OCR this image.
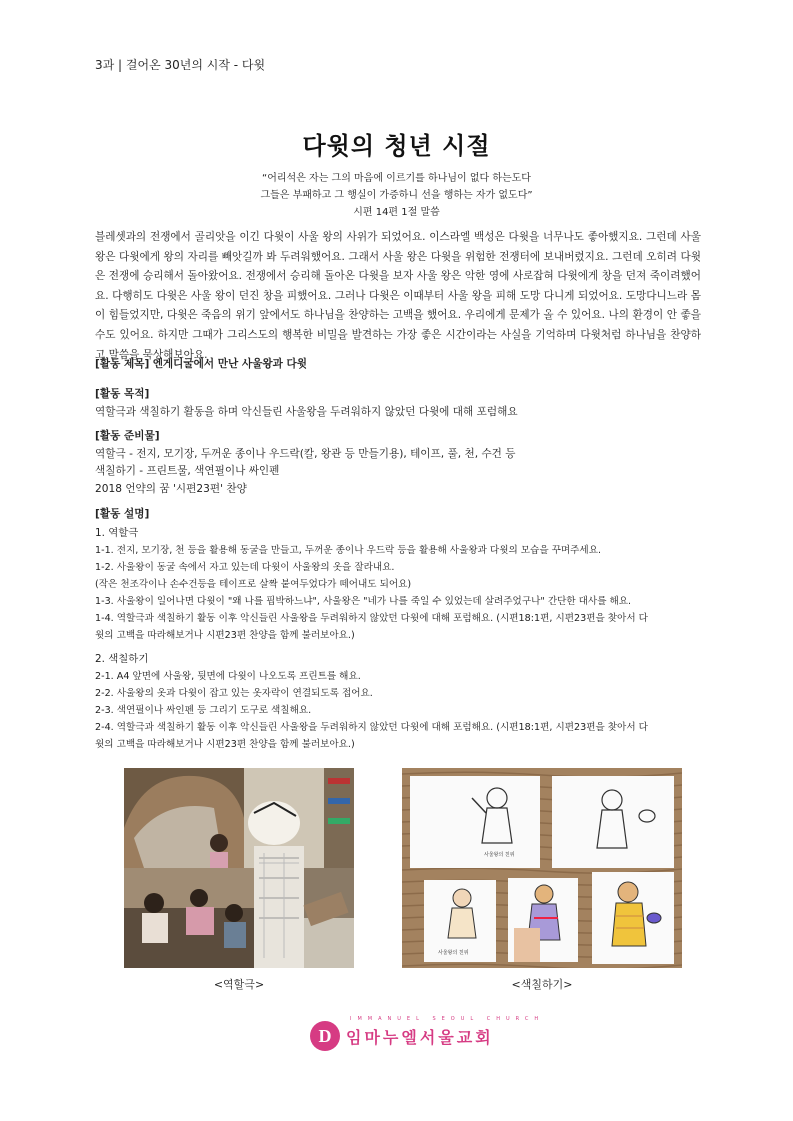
3과 | 걸어온 30년의 시작 - 다윗
다윗의 청년 시절
“어리석은 자는 그의 마음에 이르기를 하나님이 없다 하는도다
그들은 부패하고 그 행실이 가증하니 선을 행하는 자가 없도다”
시편 14편 1절 말씀

블레셋과의 전쟁에서 골리앗을 이긴 다윗이 사울 왕의 사위가 되었어요. 이스라엘 백성은 다윗을 너무나도 좋아했지요. 그런데 사울 왕은 다윗에게 왕의 자리를 빼앗길까 봐 두려워했어요. 그래서 사울 왕은 다윗을 위험한 전쟁터에 보내버렸지요. 그런데 오히려 다윗은 전쟁에 승리해서 돌아왔어요. 전쟁에서 승리해 돌아온 다윗을 보자 사울 왕은 악한 영에 사로잡혀 다윗에게 창을 던져 죽이려했어요. 다행히도 다윗은 사울 왕이 던진 창을 피했어요. 그러나 다윗은 이때부터 사울 왕을 피해 도망 다니게 되었어요. 도망다니느라 몸이 힘들었지만, 다윗은 죽음의 위기 앞에서도 하나님을 찬양하는 고백을 했어요. 우리에게 문제가 올 수 있어요. 나의 환경이 안 좋을 수도 있어요. 하지만 그때가 그리스도의 행복한 비밀을 발견하는 가장 좋은 시간이라는 사실을 기억하며 다윗처럼 하나님을 찬양하고 말씀을 묵상해보아요.

[활동 제목] 엔게디굴에서 만난 사울왕과 다윗
[활동 목적]
역할극과 색칠하기 활동을 하며 악신들린 사울왕을 두려워하지 않았던 다윗에 대해 포럼해요
[활동 준비물]
역할극 - 전지, 모기장, 두꺼운 종이나 우드락(칼, 왕관 등 만들기용), 테이프, 풀, 천, 수건 등
색칠하기 - 프린트물, 색연필이나 싸인펜
2018 언약의 꿈 '시편23편' 찬양
[활동 설명]
1. 역할극
1-1. 전지, 모기장, 천 등을 활용해 동굴을 만들고, 두꺼운 종이나 우드락 등을 활용해 사울왕과 다윗의 모습을 꾸며주세요.
1-2. 사울왕이 동굴 속에서 자고 있는데 다윗이 사울왕의 옷을 잘라내요.
(작은 천조각이나 손수건등을 테이프로 살짝 붙여두었다가 떼어내도 되어요)
1-3. 사울왕이 일어나면 다윗이 "왜 나를 핍박하느냐", 사울왕은 "네가 나를 죽일 수 있었는데 살려주었구나" 간단한 대사를 해요.
1-4. 역할극과 색칠하기 활동 이후 악신들린 사울왕을 두려워하지 않았던 다윗에 대해 포럼해요. (시편18:1편, 시편23편을 찾아서 다
윗의 고백을 따라해보거나 시편23편 찬양을 함께 불러보아요.)
2. 색칠하기
2-1. A4 앞면에 사울왕, 뒷면에 다윗이 나오도록 프린트를 해요.
2-2. 사울왕의 옷과 다윗이 잡고 있는 옷자락이 연결되도록 접어요.
2-3. 색연필이나 싸인펜 등 그리기 도구로 색칠해요.
2-4. 역할극과 색칠하기 활동 이후 악신들린 사울왕을 두려워하지 않았던 다윗에 대해 포럼해요. (시편18:1편, 시편23편을 찾아서 다
윗의 고백을 따라해보거나 시편23편 찬양을 함께 불러보아요.)
사울왕의 친위
사울왕의 친위
<역할극>	<색칠하기>
D
IMMANUEL SEOUL CHURCH
임마누엘서울교회
